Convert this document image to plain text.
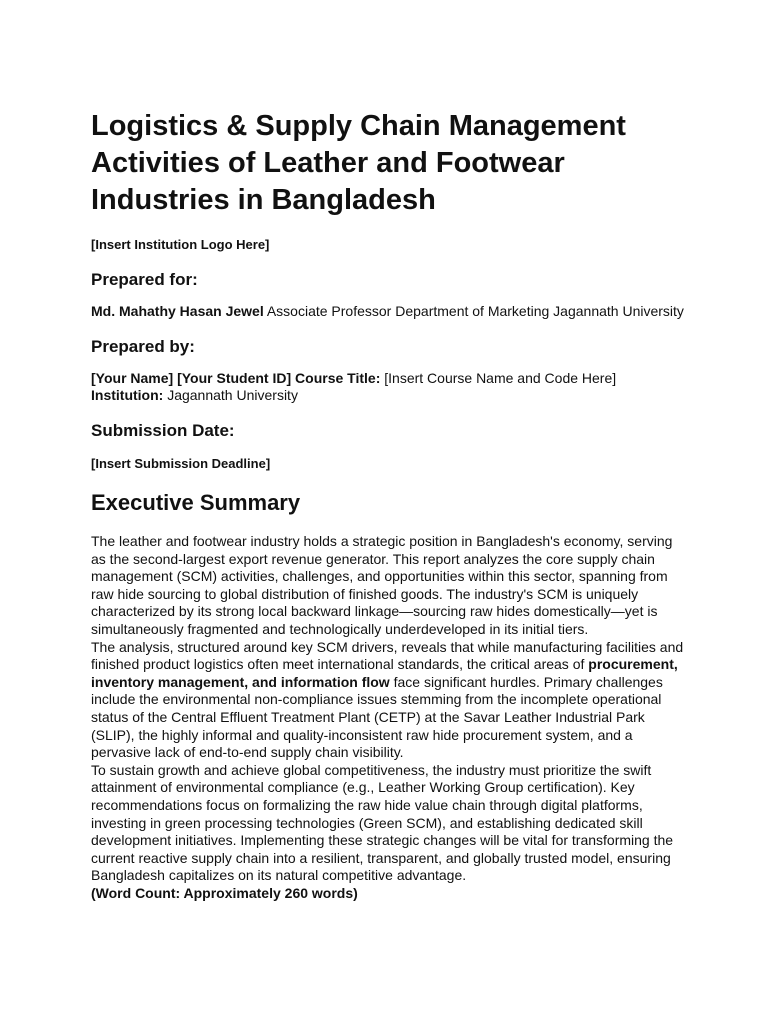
Logistics & Supply Chain Management Activities of Leather and Footwear Industries in Bangladesh
[Insert Institution Logo Here]
Prepared for:
Md. Mahathy Hasan Jewel Associate Professor Department of Marketing Jagannath University
Prepared by:
[Your Name] [Your Student ID] Course Title: [Insert Course Name and Code Here]
Institution: Jagannath University
Submission Date:
[Insert Submission Deadline]
Executive Summary

The leather and footwear industry holds a strategic position in Bangladesh's economy, serving as the second-largest export revenue generator. This report analyzes the core supply chain management (SCM) activities, challenges, and opportunities within this sector, spanning from raw hide sourcing to global distribution of finished goods. The industry's SCM is uniquely characterized by its strong local backward linkage—sourcing raw hides domestically—yet is simultaneously fragmented and technologically underdeveloped in its initial tiers.

The analysis, structured around key SCM drivers, reveals that while manufacturing facilities and finished product logistics often meet international standards, the critical areas of procurement, inventory management, and information flow face significant hurdles. Primary challenges include the environmental non-compliance issues stemming from the incomplete operational status of the Central Effluent Treatment Plant (CETP) at the Savar Leather Industrial Park (SLIP), the highly informal and quality-inconsistent raw hide procurement system, and a pervasive lack of end-to-end supply chain visibility.

To sustain growth and achieve global competitiveness, the industry must prioritize the swift attainment of environmental compliance (e.g., Leather Working Group certification). Key recommendations focus on formalizing the raw hide value chain through digital platforms, investing in green processing technologies (Green SCM), and establishing dedicated skill development initiatives. Implementing these strategic changes will be vital for transforming the current reactive supply chain into a resilient, transparent, and globally trusted model, ensuring Bangladesh capitalizes on its natural competitive advantage.

(Word Count: Approximately 260 words)
